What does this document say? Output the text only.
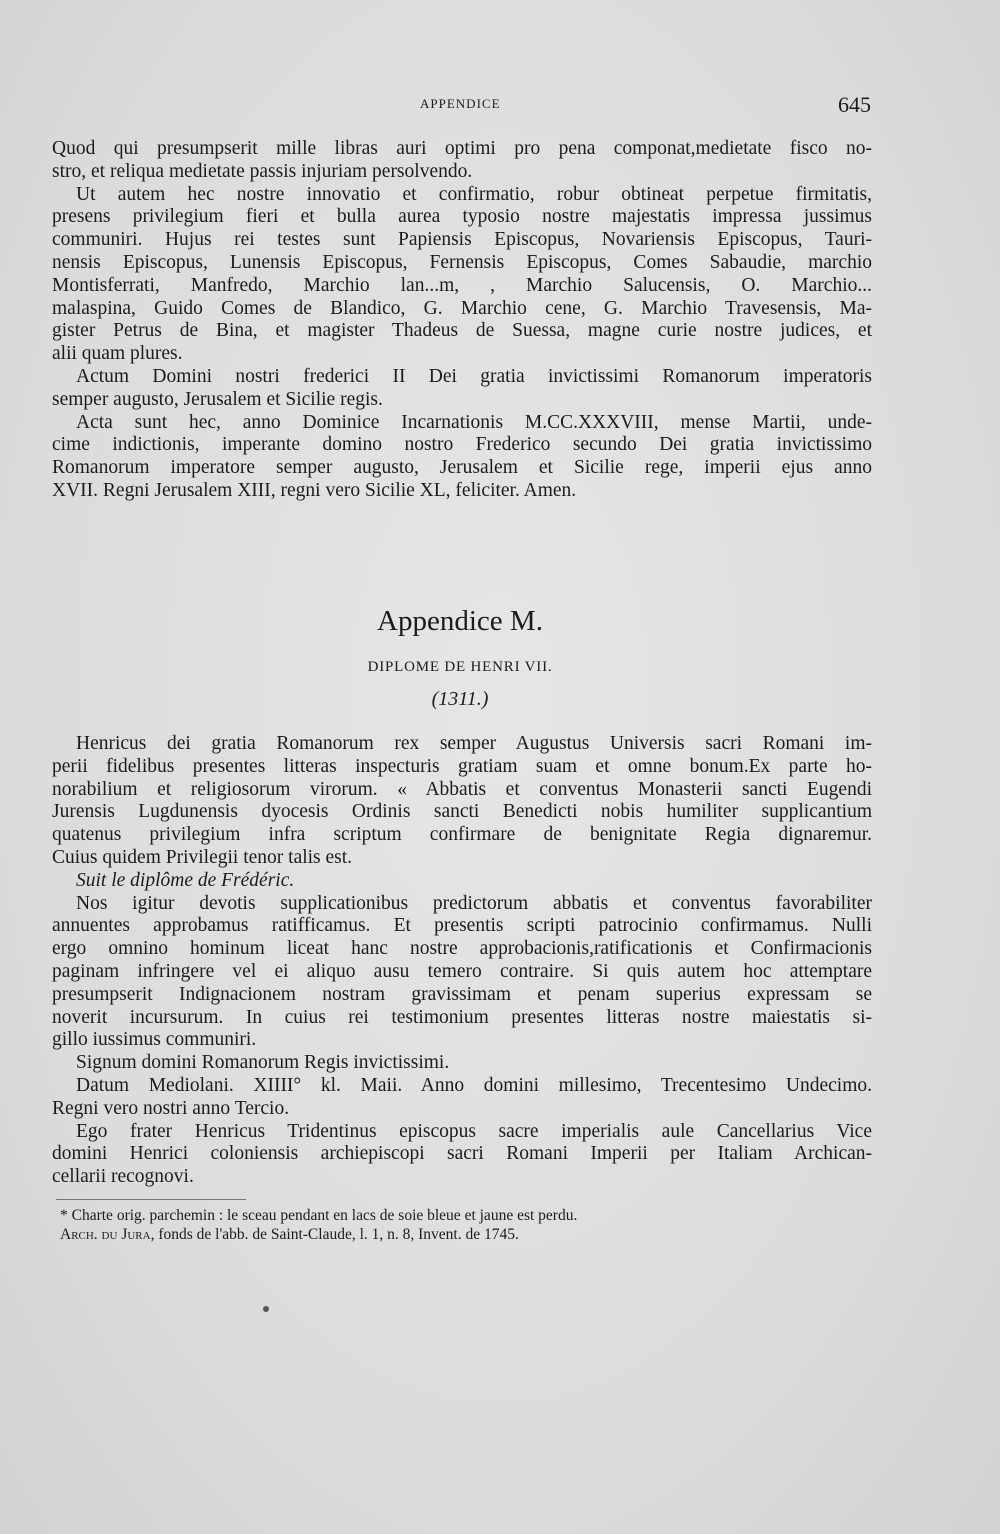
APPENDICE	645
Quod qui presumpserit mille libras auri optimi pro pena componat,medietate fisco no-
stro, et reliqua medietate passis injuriam persolvendo.
Ut autem hec nostre innovatio et confirmatio, robur obtineat perpetue firmitatis,
presens privilegium fieri et bulla aurea typosio nostre majestatis impressa jussimus
communiri. Hujus rei testes sunt Papiensis Episcopus, Novariensis Episcopus, Tauri-
nensis Episcopus, Lunensis Episcopus, Fernensis Episcopus, Comes Sabaudie, marchio
Montisferrati, Manfredo, Marchio lan...m, , Marchio Salucensis, O. Marchio...
malaspina, Guido Comes de Blandico, G. Marchio cene, G. Marchio Travesensis, Ma-
gister Petrus de Bina, et magister Thadeus de Suessa, magne curie nostre judices, et
alii quam plures.
Actum Domini nostri frederici II Dei gratia invictissimi Romanorum imperatoris
semper augusto, Jerusalem et Sicilie regis.
Acta sunt hec, anno Dominice Incarnationis M.CC.XXXVIII, mense Martii, unde-
cime indictionis, imperante domino nostro Frederico secundo Dei gratia invictissimo
Romanorum imperatore semper augusto, Jerusalem et Sicilie rege, imperii ejus anno
XVII. Regni Jerusalem XIII, regni vero Sicilie XL, feliciter. Amen.
Appendice M.
DIPLOME DE HENRI VII.
(1311.)
Henricus dei gratia Romanorum rex semper Augustus Universis sacri Romani im-
perii fidelibus presentes litteras inspecturis gratiam suam et omne bonum.Ex parte ho-
norabilium et religiosorum virorum. « Abbatis et conventus Monasterii sancti Eugendi
Jurensis Lugdunensis dyocesis Ordinis sancti Benedicti nobis humiliter supplicantium
quatenus privilegium infra scriptum confirmare de benignitate Regia dignaremur.
Cuius quidem Privilegii tenor talis est.
Suit le diplôme de Frédéric.
Nos igitur devotis supplicationibus predictorum abbatis et conventus favorabiliter
annuentes approbamus ratifficamus. Et presentis scripti patrocinio confirmamus. Nulli
ergo omnino hominum liceat hanc nostre approbacionis,ratificationis et Confirmacionis
paginam infringere vel ei aliquo ausu temero contraire. Si quis autem hoc attemptare
presumpserit Indignacionem nostram gravissimam et penam superius expressam se
noverit incursurum. In cuius rei testimonium presentes litteras nostre maiestatis si-
gillo iussimus communiri.
Signum domini Romanorum Regis invictissimi.
Datum Mediolani. XIIII° kl. Maii. Anno domini millesimo, Trecentesimo Undecimo.
Regni vero nostri anno Tercio.
Ego frater Henricus Tridentinus episcopus sacre imperialis aule Cancellarius Vice
domini Henrici coloniensis archiepiscopi sacri Romani Imperii per Italiam Archican-
cellarii recognovi.
* Charte orig. parchemin : le sceau pendant en lacs de soie bleue et jaune est perdu.
Arch. du Jura, fonds de l'abb. de Saint-Claude, l. 1, n. 8, Invent. de 1745.
